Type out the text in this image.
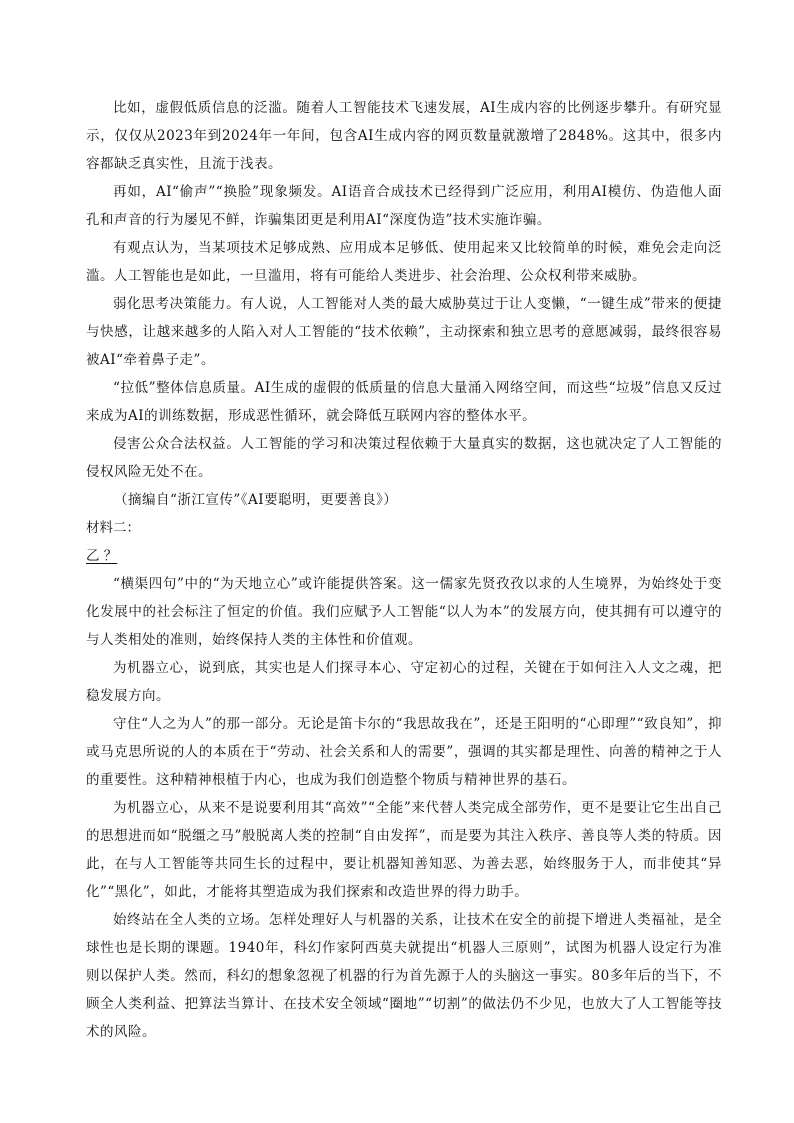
比如，虚假低质信息的泛滥。随着人工智能技术飞速发展，AI生成内容的比例逐步攀升。有研究显示，仅仅从2023年到2024年一年间，包含AI生成内容的网页数量就激增了2848%。这其中，很多内容都缺乏真实性，且流于浅表。

再如，AI“偷声”“换脸”现象频发。AI语音合成技术已经得到广泛应用，利用AI模仿、伪造他人面孔和声音的行为屡见不鲜，诈骗集团更是利用AI“深度伪造”技术实施诈骗。

有观点认为，当某项技术足够成熟、应用成本足够低、使用起来又比较简单的时候，难免会走向泛滥。人工智能也是如此，一旦滥用，将有可能给人类进步、社会治理、公众权利带来威胁。

弱化思考决策能力。有人说，人工智能对人类的最大威胁莫过于让人变懒，“一键生成”带来的便捷与快感，让越来越多的人陷入对人工智能的“技术依赖”，主动探索和独立思考的意愿减弱，最终很容易被AI“牵着鼻子走”。

“拉低”整体信息质量。AI生成的虚假的低质量的信息大量涌入网络空间，而这些“垃圾”信息又反过来成为AI的训练数据，形成恶性循环，就会降低互联网内容的整体水平。

侵害公众合法权益。人工智能的学习和决策过程依赖于大量真实的数据，这也就决定了人工智能的侵权风险无处不在。

（摘编自“浙江宣传”《AI要聪明，更要善良》）

材料二：

乙 ？

“横渠四句”中的“为天地立心”或许能提供答案。这一儒家先贤孜孜以求的人生境界，为始终处于变化发展中的社会标注了恒定的价值。我们应赋予人工智能“以人为本”的发展方向，使其拥有可以遵守的与人类相处的准则，始终保持人类的主体性和价值观。

为机器立心，说到底，其实也是人们探寻本心、守定初心的过程，关键在于如何注入人文之魂，把稳发展方向。

守住“人之为人”的那一部分。无论是笛卡尔的“我思故我在”，还是王阳明的“心即理”“致良知”，抑或马克思所说的人的本质在于“劳动、社会关系和人的需要”，强调的其实都是理性、向善的精神之于人的重要性。这种精神根植于内心，也成为我们创造整个物质与精神世界的基石。

为机器立心，从来不是说要利用其“高效”“全能”来代替人类完成全部劳作，更不是要让它生出自己的思想进而如“脱缰之马”般脱离人类的控制“自由发挥”，而是要为其注入秩序、善良等人类的特质。因此，在与人工智能等共同生长的过程中，要让机器知善知恶、为善去恶，始终服务于人，而非使其“异化”“黑化”，如此，才能将其塑造成为我们探索和改造世界的得力助手。

始终站在全人类的立场。怎样处理好人与机器的关系，让技术在安全的前提下增进人类福祉，是全球性也是长期的课题。1940年，科幻作家阿西莫夫就提出“机器人三原则”，试图为机器人设定行为准则以保护人类。然而，科幻的想象忽视了机器的行为首先源于人的头脑这一事实。80多年后的当下，不顾全人类利益、把算法当算计、在技术安全领域“圈地”“切割”的做法仍不少见，也放大了人工智能等技术的风险。
